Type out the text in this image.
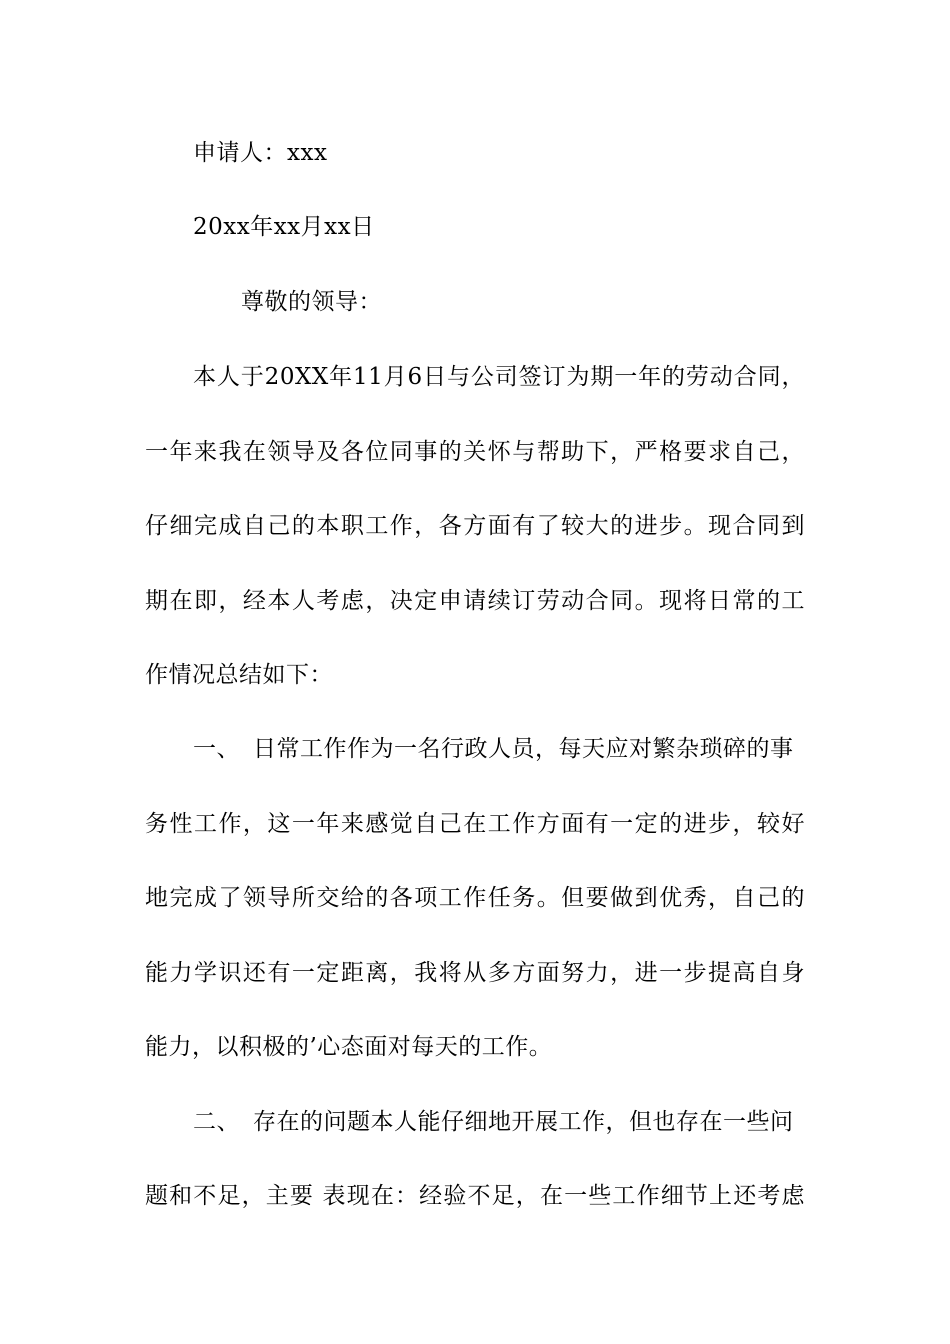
申请人：xxx
20xx年xx月xx日
尊敬的领导：
本人于20XX年11月6日与公司签订为期一年的劳动合同，
一年来我在领导及各位同事的关怀与帮助下，严格要求自己，
仔细完成自己的本职工作，各方面有了较大的进步。现合同到
期在即，经本人考虑，决定申请续订劳动合同。现将日常的工
作情况总结如下：
一、 日常工作作为一名行政人员，每天应对繁杂琐碎的事
务性工作，这一年来感觉自己在工作方面有一定的进步，较好
地完成了领导所交给的各项工作任务。但要做到优秀，自己的
能力学识还有一定距离，我将从多方面努力，进一步提高自身
能力，以积极的’心态面对每天的工作。
二、 存在的问题本人能仔细地开展工作，但也存在一些问
题和不足，主要 表现在：经验不足，在一些工作细节上还考虑
